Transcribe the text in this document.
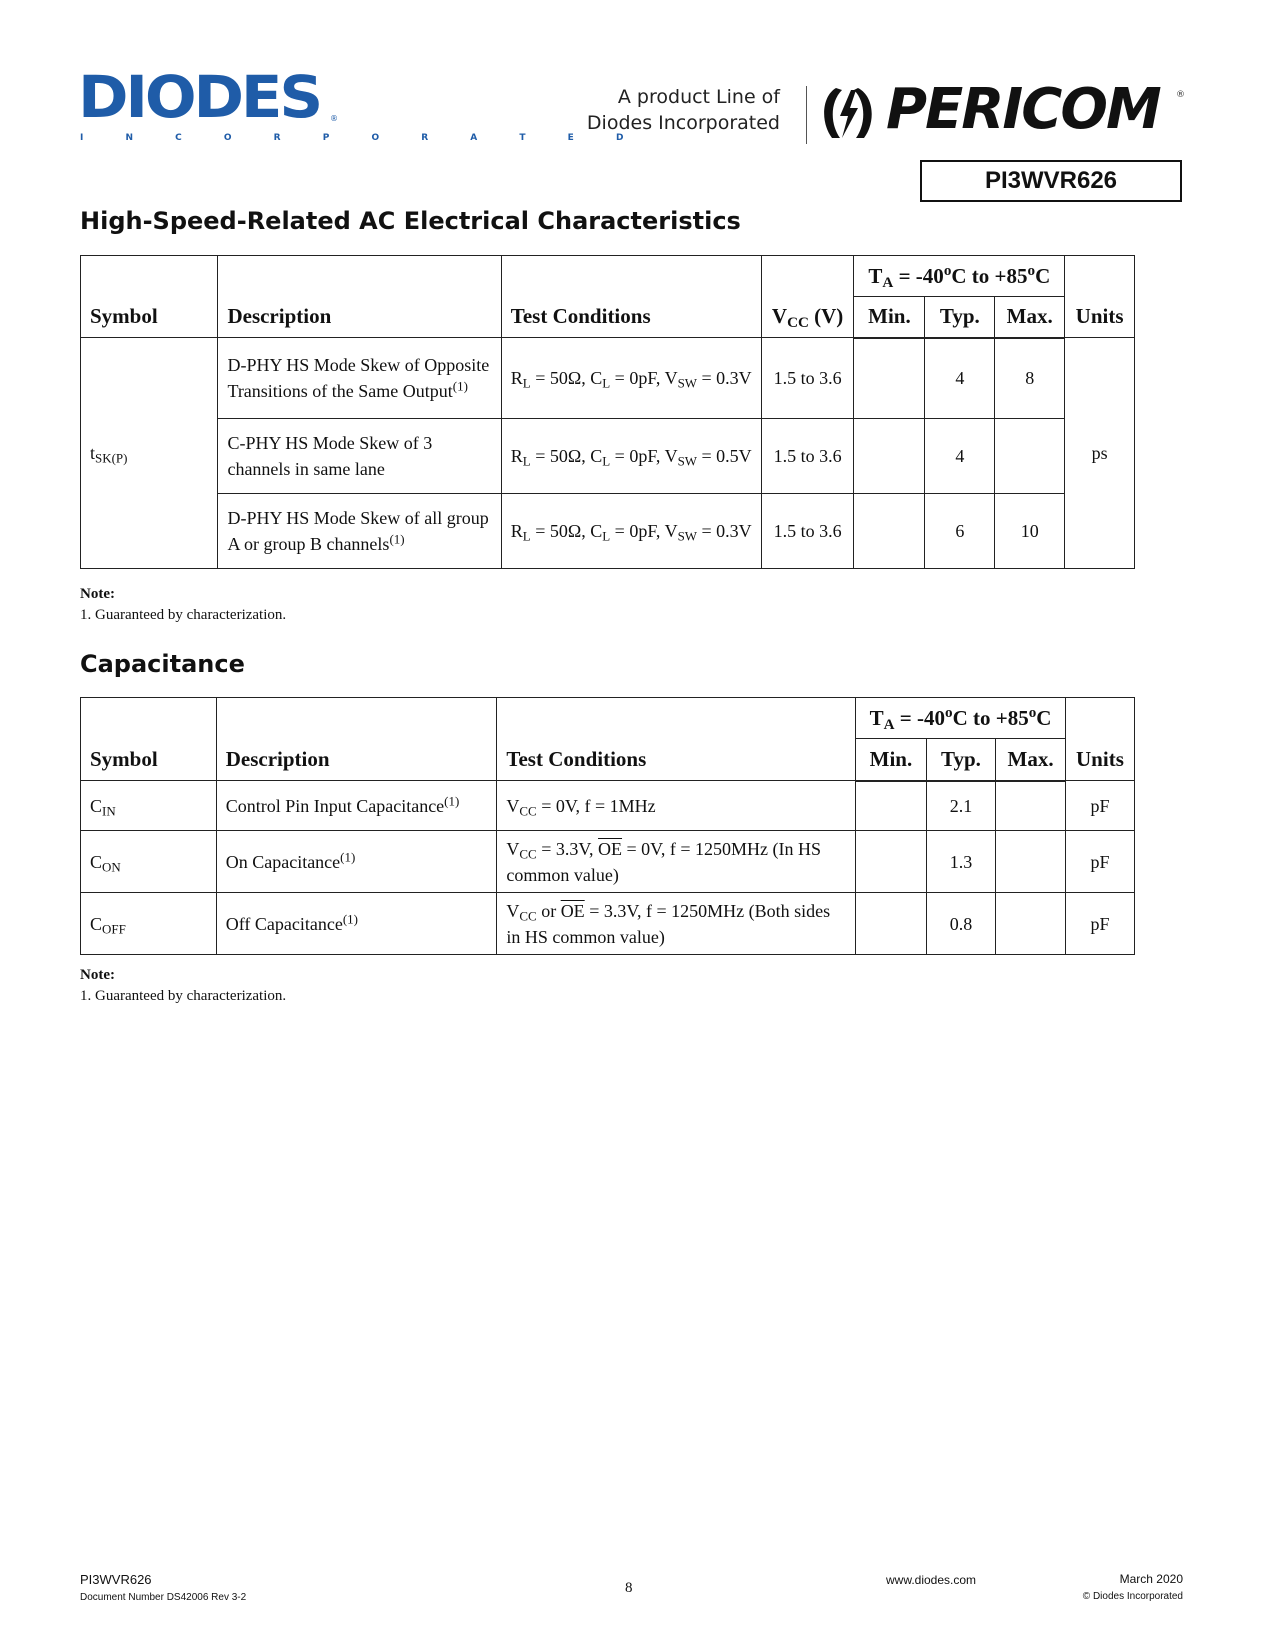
DIODES ®
I N C O R P O R A T E D
A product Line of
Diodes Incorporated PERICOM ®
PI3WVR626
High-Speed-Related AC Electrical Characteristics
Symbol	Description	Test Conditions	$V_{CC}$ (V)	$T_A = -40^oC$ to $+85^oC$			Units
				Min.	Typ.	Max.	
$t_{SK(P)}$	D-PHY HS Mode Skew of Opposite Transitions of the Same Output$^{(1)}$	$R_L = 50\Omega$, $C_L = 0pF$, $V_{SW} = 0.3V$	1.5 to 3.6		4	8	ps
	C-PHY HS Mode Skew of 3 channels in same lane	$R_L = 50\Omega$, $C_L = 0pF$, $V_{SW} = 0.5V$	1.5 to 3.6		4		
	D-PHY HS Mode Skew of all group A or group B channels$^{(1)}$	$R_L = 50\Omega$, $C_L = 0pF$, $V_{SW} = 0.3V$	1.5 to 3.6		6	10	
Note:
1. Guaranteed by characterization.
Capacitance
Symbol	Description	Test Conditions	$T_A = -40^oC$ to $+85^oC$			Units
			Min.	Typ.	Max.	
$C_{IN}$	Control Pin Input Capacitance$^{(1)}$	$V_{CC} = 0V$, f = 1MHz		2.1		pF
$C_{ON}$	On Capacitance$^{(1)}$	$V_{CC} = 3.3V$, $\overline{OE} = 0V$, f = 1250MHz (In HS common value)		1.3		pF
$C_{OFF}$	Off Capacitance$^{(1)}$	$V_{CC}$ or $\overline{OE} = 3.3V$, f = 1250MHz (Both sides in HS common value)		0.8		pF
Note:
1. Guaranteed by characterization.
PI3WVR626
Document Number DS42006 Rev 3-2
8	www.diodes.com	March 2020
© Diodes Incorporated
